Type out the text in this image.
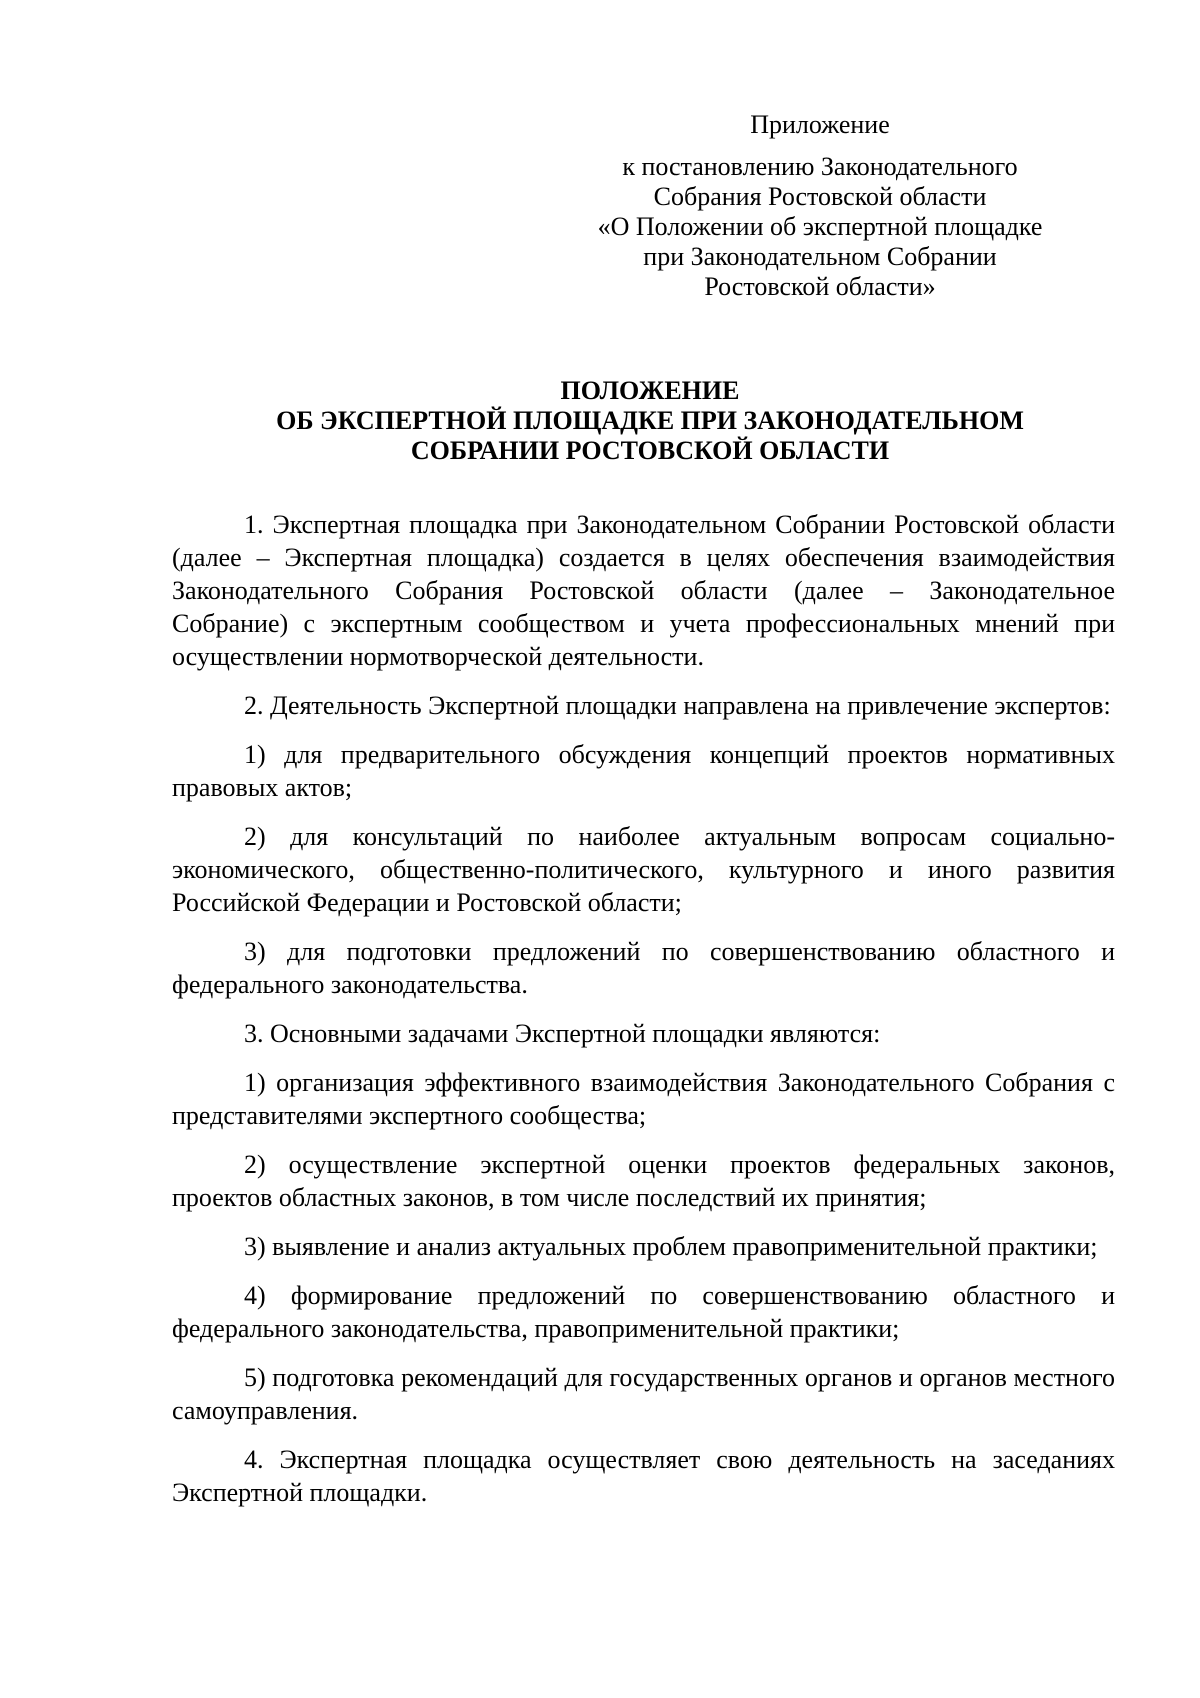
Приложение
к постановлению Законодательного
Собрания Ростовской области
«О Положении об экспертной площадке
при Законодательном Собрании
Ростовской области»
ПОЛОЖЕНИЕ
ОБ ЭКСПЕРТНОЙ ПЛОЩАДКЕ ПРИ ЗАКОНОДАТЕЛЬНОМ
СОБРАНИИ РОСТОВСКОЙ ОБЛАСТИ

1. Экспертная площадка при Законодательном Собрании Ростовской области (далее – Экспертная площадка) создается в целях обеспечения взаимодействия Законодательного Собрания Ростовской области (далее – Законодательное Собрание) с экспертным сообществом и учета профессиональных мнений при осуществлении нормотворческой деятельности.

2. Деятельность Экспертной площадки направлена на привлечение экспертов:

1) для предварительного обсуждения концепций проектов нормативных правовых актов;

2) для консультаций по наиболее актуальным вопросам социально-экономического, общественно-политического, культурного и иного развития Российской Федерации и Ростовской области;

3) для подготовки предложений по совершенствованию областного и федерального законодательства.

3. Основными задачами Экспертной площадки являются:

1) организация эффективного взаимодействия Законодательного Собрания с представителями экспертного сообщества;

2) осуществление экспертной оценки проектов федеральных законов, проектов областных законов, в том числе последствий их принятия;

3) выявление и анализ актуальных проблем правоприменительной практики;

4) формирование предложений по совершенствованию областного и федерального законодательства, правоприменительной практики;

5) подготовка рекомендаций для государственных органов и органов местного самоуправления.

4. Экспертная площадка осуществляет свою деятельность на заседаниях Экспертной площадки.
